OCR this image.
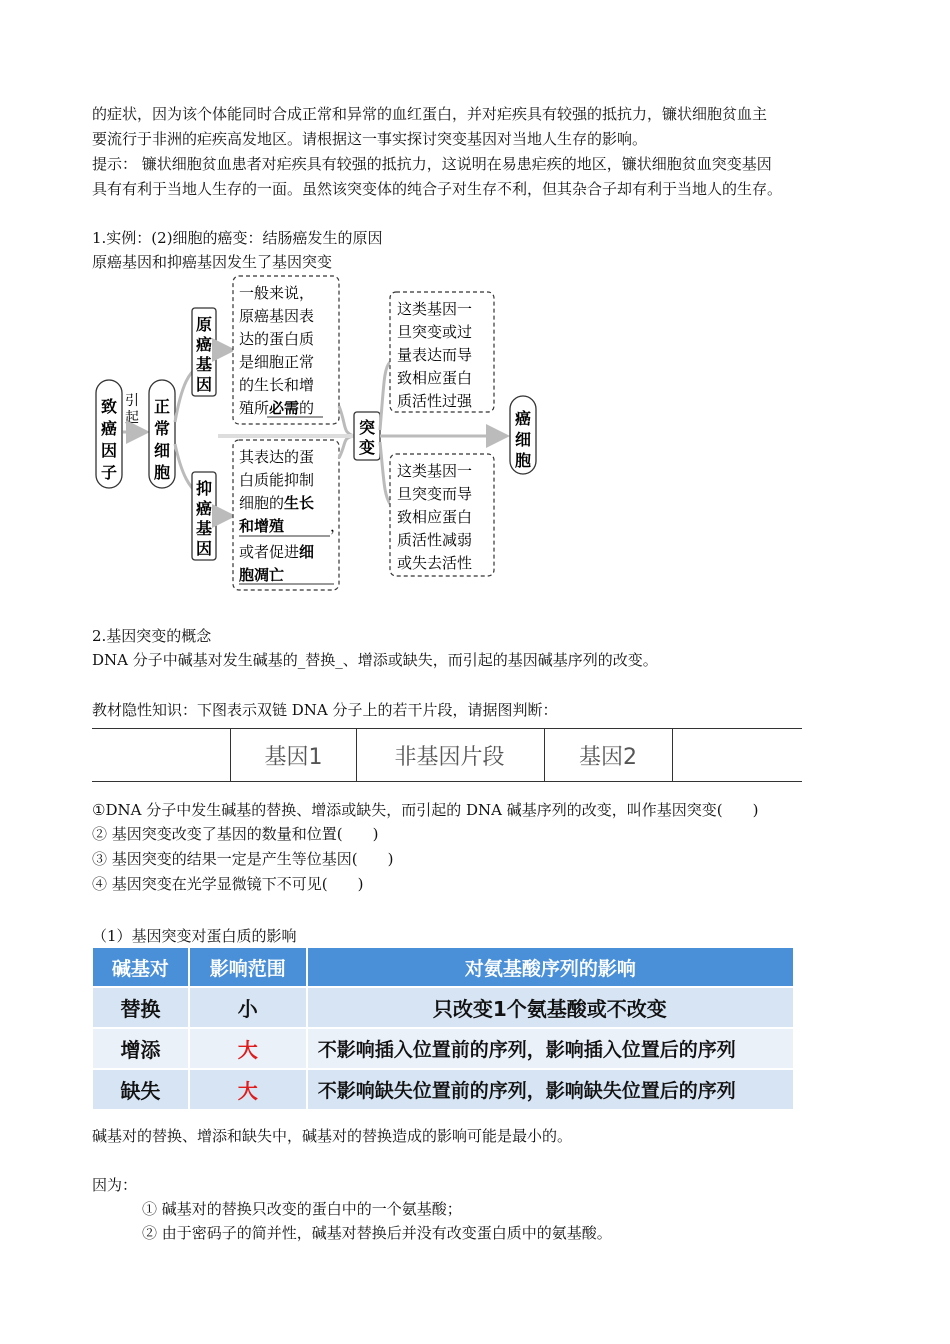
的症状，因为该个体能同时合成正常和异常的血红蛋白，并对疟疾具有较强的抵抗力，镰状细胞贫血主
要流行于非洲的疟疾高发地区。请根据这一事实探讨突变基因对当地人生存的影响。
提示： 镰状细胞贫血患者对疟疾具有较强的抵抗力，这说明在易患疟疾的地区，镰状细胞贫血突变基因
具有有利于当地人生存的一面。虽然该突变体的纯合子对生存不利，但其杂合子却有利于当地人的生存。
1.实例：(2)细胞的癌变：结肠癌发生的原因
原癌基因和抑癌基因发生了基因突变
致
癌
因
子
引
起
正
常
细
胞
原
癌
基
因
抑
癌
基
因
一般来说，
原癌基因表
达的蛋白质
是细胞正常
的生长和增
殖所必需的
其表达的蛋
白质能抑制
细胞的生长
和增殖	，
或者促进细
胞凋亡
突
变
这类基因一
旦突变或过
量表达而导
致相应蛋白
质活性过强
这类基因一
旦突变而导
致相应蛋白
质活性减弱
或失去活性
癌
细
胞
2.基因突变的概念
DNA 分子中碱基对发生碱基的_替换_、增添或缺失，而引起的基因碱基序列的改变。
教材隐性知识：下图表示双链 DNA 分子上的若干片段，请据图判断：
基因1	非基因片段	基因2
①DNA 分子中发生碱基的替换、增添或缺失，而引起的 DNA 碱基序列的改变，叫作基因突变(　　)
② 基因突变改变了基因的数量和位置(　　)
③ 基因突变的结果一定是产生等位基因(　　)
④ 基因突变在光学显微镜下不可见(　　)
（1）基因突变对蛋白质的影响
碱基对	影响范围	对氨基酸序列的影响
替换	小	只改变1个氨基酸或不改变
增添	大	不影响插入位置前的序列，影响插入位置后的序列
缺失	大	不影响缺失位置前的序列，影响缺失位置后的序列
碱基对的替换、增添和缺失中，碱基对的替换造成的影响可能是最小的。
因为：
① 碱基对的替换只改变的蛋白中的一个氨基酸；
② 由于密码子的简并性，碱基对替换后并没有改变蛋白质中的氨基酸。
